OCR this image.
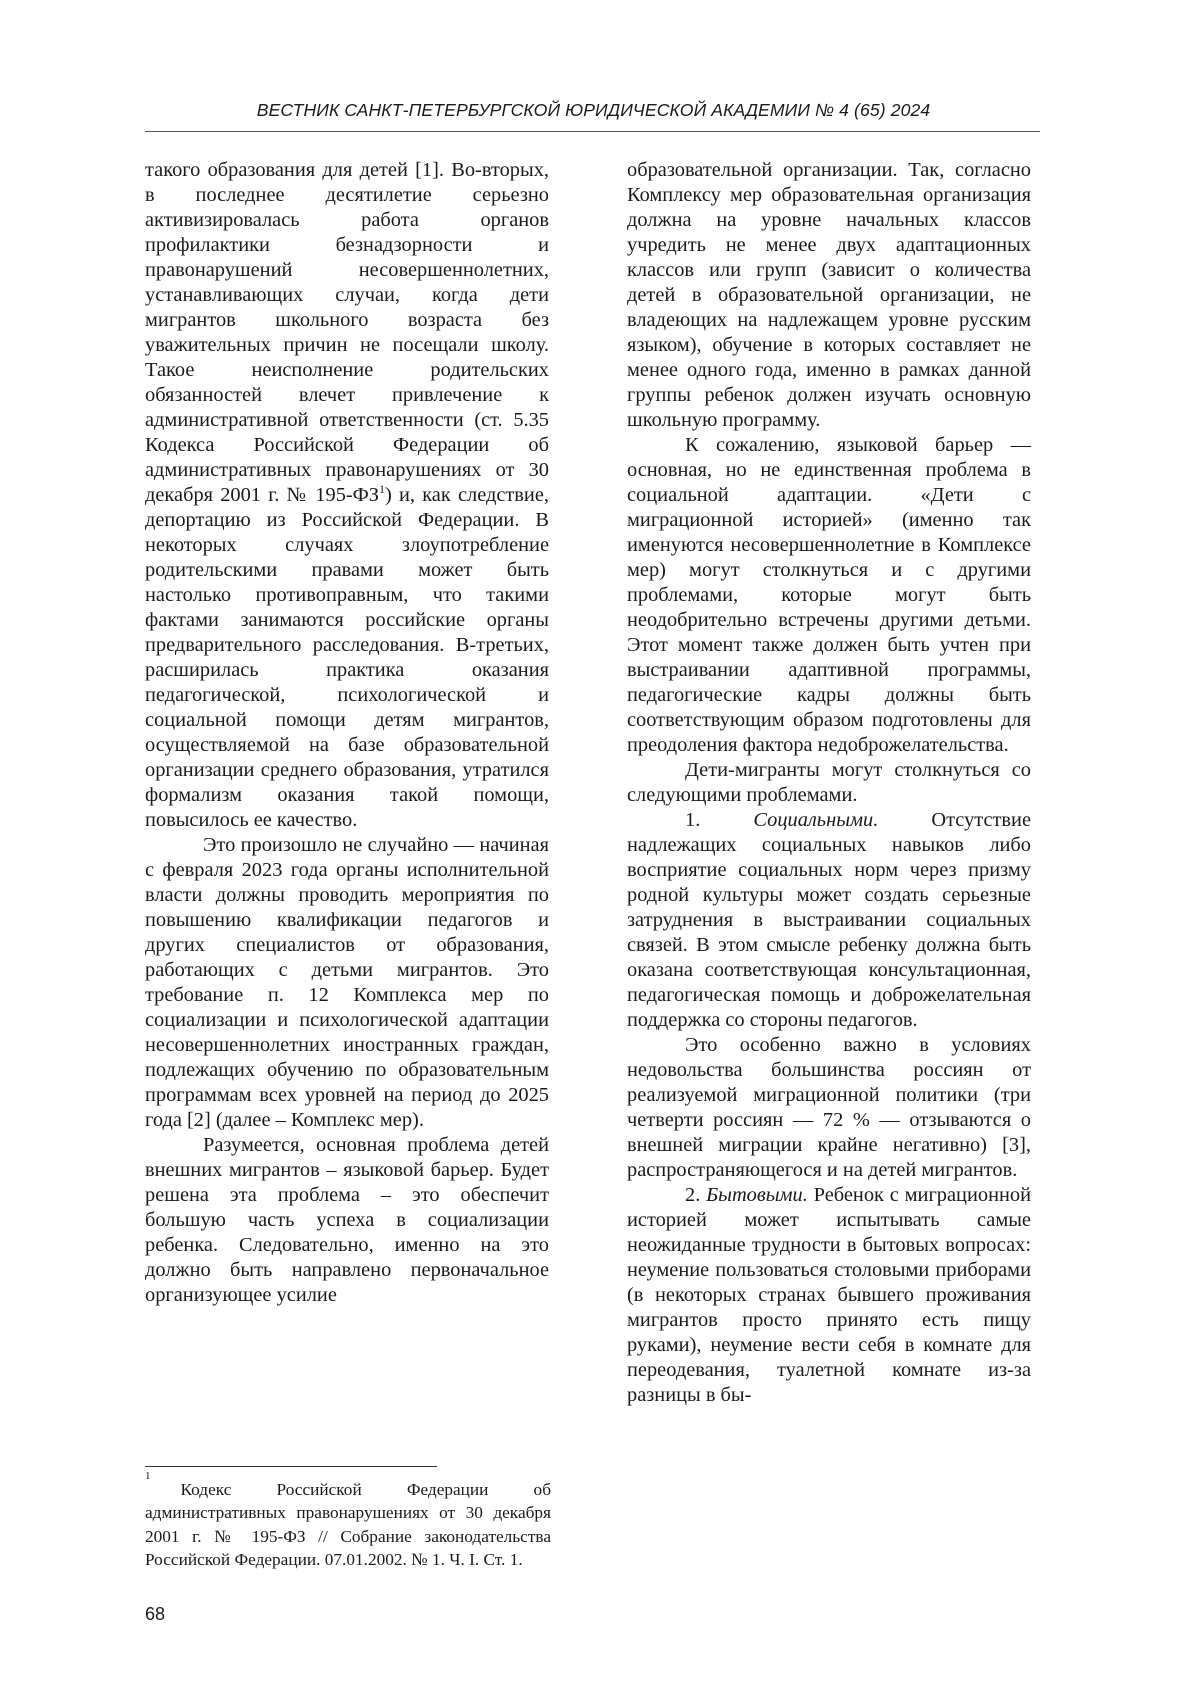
ВЕСТНИК САНКТ-ПЕТЕРБУРГСКОЙ ЮРИДИЧЕСКОЙ АКАДЕМИИ № 4 (65) 2024

такого образования для детей [1]. Во-вторых, в последнее десятилетие серьезно активизировалась работа органов профилактики безнадзорности и правонарушений несовершеннолетних, устанавливающих случаи, когда дети мигрантов школьного возраста без уважительных причин не посещали школу. Такое неисполнение родительских обязанностей влечет привлечение к административной ответственности (ст. 5.35 Кодекса Российской Федерации об административных правонарушениях от 30 декабря 2001 г. № $195-ФЗ^1$) и, как следствие, депортацию из Российской Федерации. В некоторых случаях злоупотребление родительскими правами может быть настолько противоправным, что такими фактами занимаются российские органы предварительного расследования. В-третьих, расширилась практика оказания педагогической, психологической и социальной помощи детям мигрантов, осуществляемой на базе образовательной организации среднего образования, утратился формализм оказания такой помощи, повысилось ее качество.

Это произошло не случайно — начиная с февраля 2023 года органы исполнительной власти должны проводить мероприятия по повышению квалификации педагогов и других специалистов от образования, работающих с детьми мигрантов. Это требование п. 12 Комплекса мер по социализации и психологической адаптации несовершеннолетних иностранных граждан, подлежащих обучению по образовательным программам всех уровней на период до 2025 года [2] (далее – Комплекс мер).

Разумеется, основная проблема детей внешних мигрантов – языковой барьер. Будет решена эта проблема – это обеспечит большую часть успеха в социализации ребенка. Следовательно, именно на это должно быть направлено первоначальное организующее усилие

образовательной организации. Так, согласно Комплексу мер образовательная организация должна на уровне начальных классов учредить не менее двух адаптационных классов или групп (зависит о количества детей в образовательной организации, не владеющих на надлежащем уровне русским языком), обучение в которых составляет не менее одного года, именно в рамках данной группы ребенок должен изучать основную школьную программу.

К сожалению, языковой барьер — основная, но не единственная проблема в социальной адаптации. «Дети с миграционной историей» (именно так именуются несовершеннолетние в Комплексе мер) могут столкнуться и с другими проблемами, которые могут быть неодобрительно встречены другими детьми. Этот момент также должен быть учтен при выстраивании адаптивной программы, педагогические кадры должны быть соответствующим образом подготовлены для преодоления фактора недоброжелательства.

Дети-мигранты могут столкнуться со следующими проблемами.

1. Социальными. Отсутствие надлежащих социальных навыков либо восприятие социальных норм через призму родной культуры может создать серьезные затруднения в выстраивании социальных связей. В этом смысле ребенку должна быть оказана соответствующая консультационная, педагогическая помощь и доброжелательная поддержка со стороны педагогов.

Это особенно важно в условиях недовольства большинства россиян от реализуемой миграционной политики (три четверти россиян — 72 % — отзываются о внешней миграции крайне негативно) [3], распространяющегося и на детей мигрантов.

2. Бытовыми. Ребенок с миграционной историей может испытывать самые неожиданные трудности в бытовых вопросах: неумение пользоваться столовыми приборами (в некоторых странах бывшего проживания мигрантов просто принято есть пищу руками), неумение вести себя в комнате для переодевания, туалетной комнате из-за разницы в бы-

$^1$Кодекс Российской Федерации об административных правонарушениях от 30 декабря 2001 г. № 195-ФЗ // Собрание законодательства Российской Федерации. 07.01.2002. № 1. Ч. I. Ст. 1.
68
